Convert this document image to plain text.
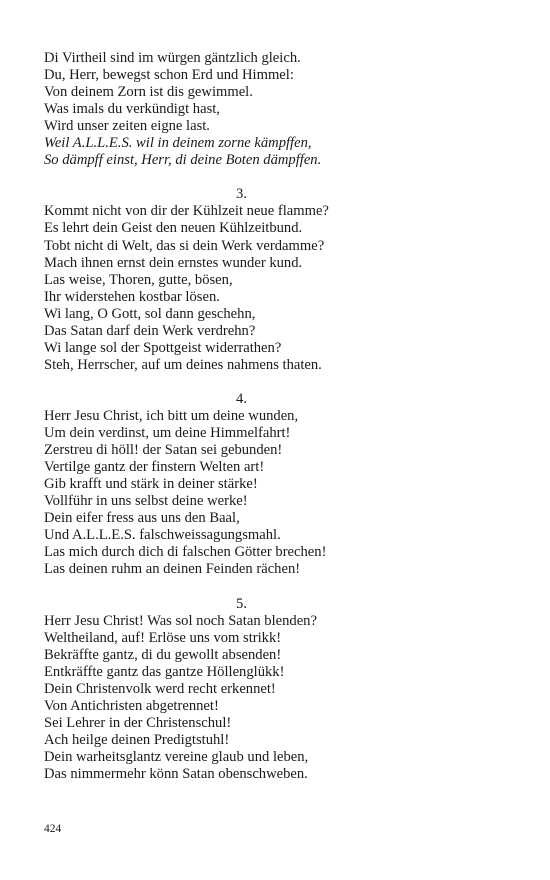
Di Virtheil sind im würgen gäntzlich gleich.
Du, Herr, bewegst schon Erd und Himmel:
Von deinem Zorn ist dis gewimmel.
Was imals du verkündigt hast,
Wird unser zeiten eigne last.
Weil A.L.L.E.S. wil in deinem zorne kämpffen,
So dämpff einst, Herr, di deine Boten dämpffen.
3.
Kommt nicht von dir der Kühlzeit neue flamme?
Es lehrt dein Geist den neuen Kühlzeitbund.
Tobt nicht di Welt, das si dein Werk verdamme?
Mach ihnen ernst dein ernstes wunder kund.
Las weise, Thoren, gutte, bösen,
Ihr widerstehen kostbar lösen.
Wi lang, O Gott, sol dann geschehn,
Das Satan darf dein Werk verdrehn?
Wi lange sol der Spottgeist widerrathen?
Steh, Herrscher, auf um deines nahmens thaten.
4.
Herr Jesu Christ, ich bitt um deine wunden,
Um dein verdinst, um deine Himmelfahrt!
Zerstreu di höll! der Satan sei gebunden!
Vertilge gantz der finstern Welten art!
Gib krafft und stärk in deiner stärke!
Vollführ in uns selbst deine werke!
Dein eifer fress aus uns den Baal,
Und A.L.L.E.S. falschweissagungsmahl.
Las mich durch dich di falschen Götter brechen!
Las deinen ruhm an deinen Feinden rächen!
5.
Herr Jesu Christ! Was sol noch Satan blenden?
Weltheiland, auf! Erlöse uns vom strikk!
Bekräffte gantz, di du gewollt absenden!
Entkräffte gantz das gantze Höllenglükk!
Dein Christenvolk werd recht erkennet!
Von Antichristen abgetrennet!
Sei Lehrer in der Christenschul!
Ach heilge deinen Predigtstuhl!
Dein warheitsglantz vereine glaub und leben,
Das nimmermehr könn Satan obenschweben.
424
